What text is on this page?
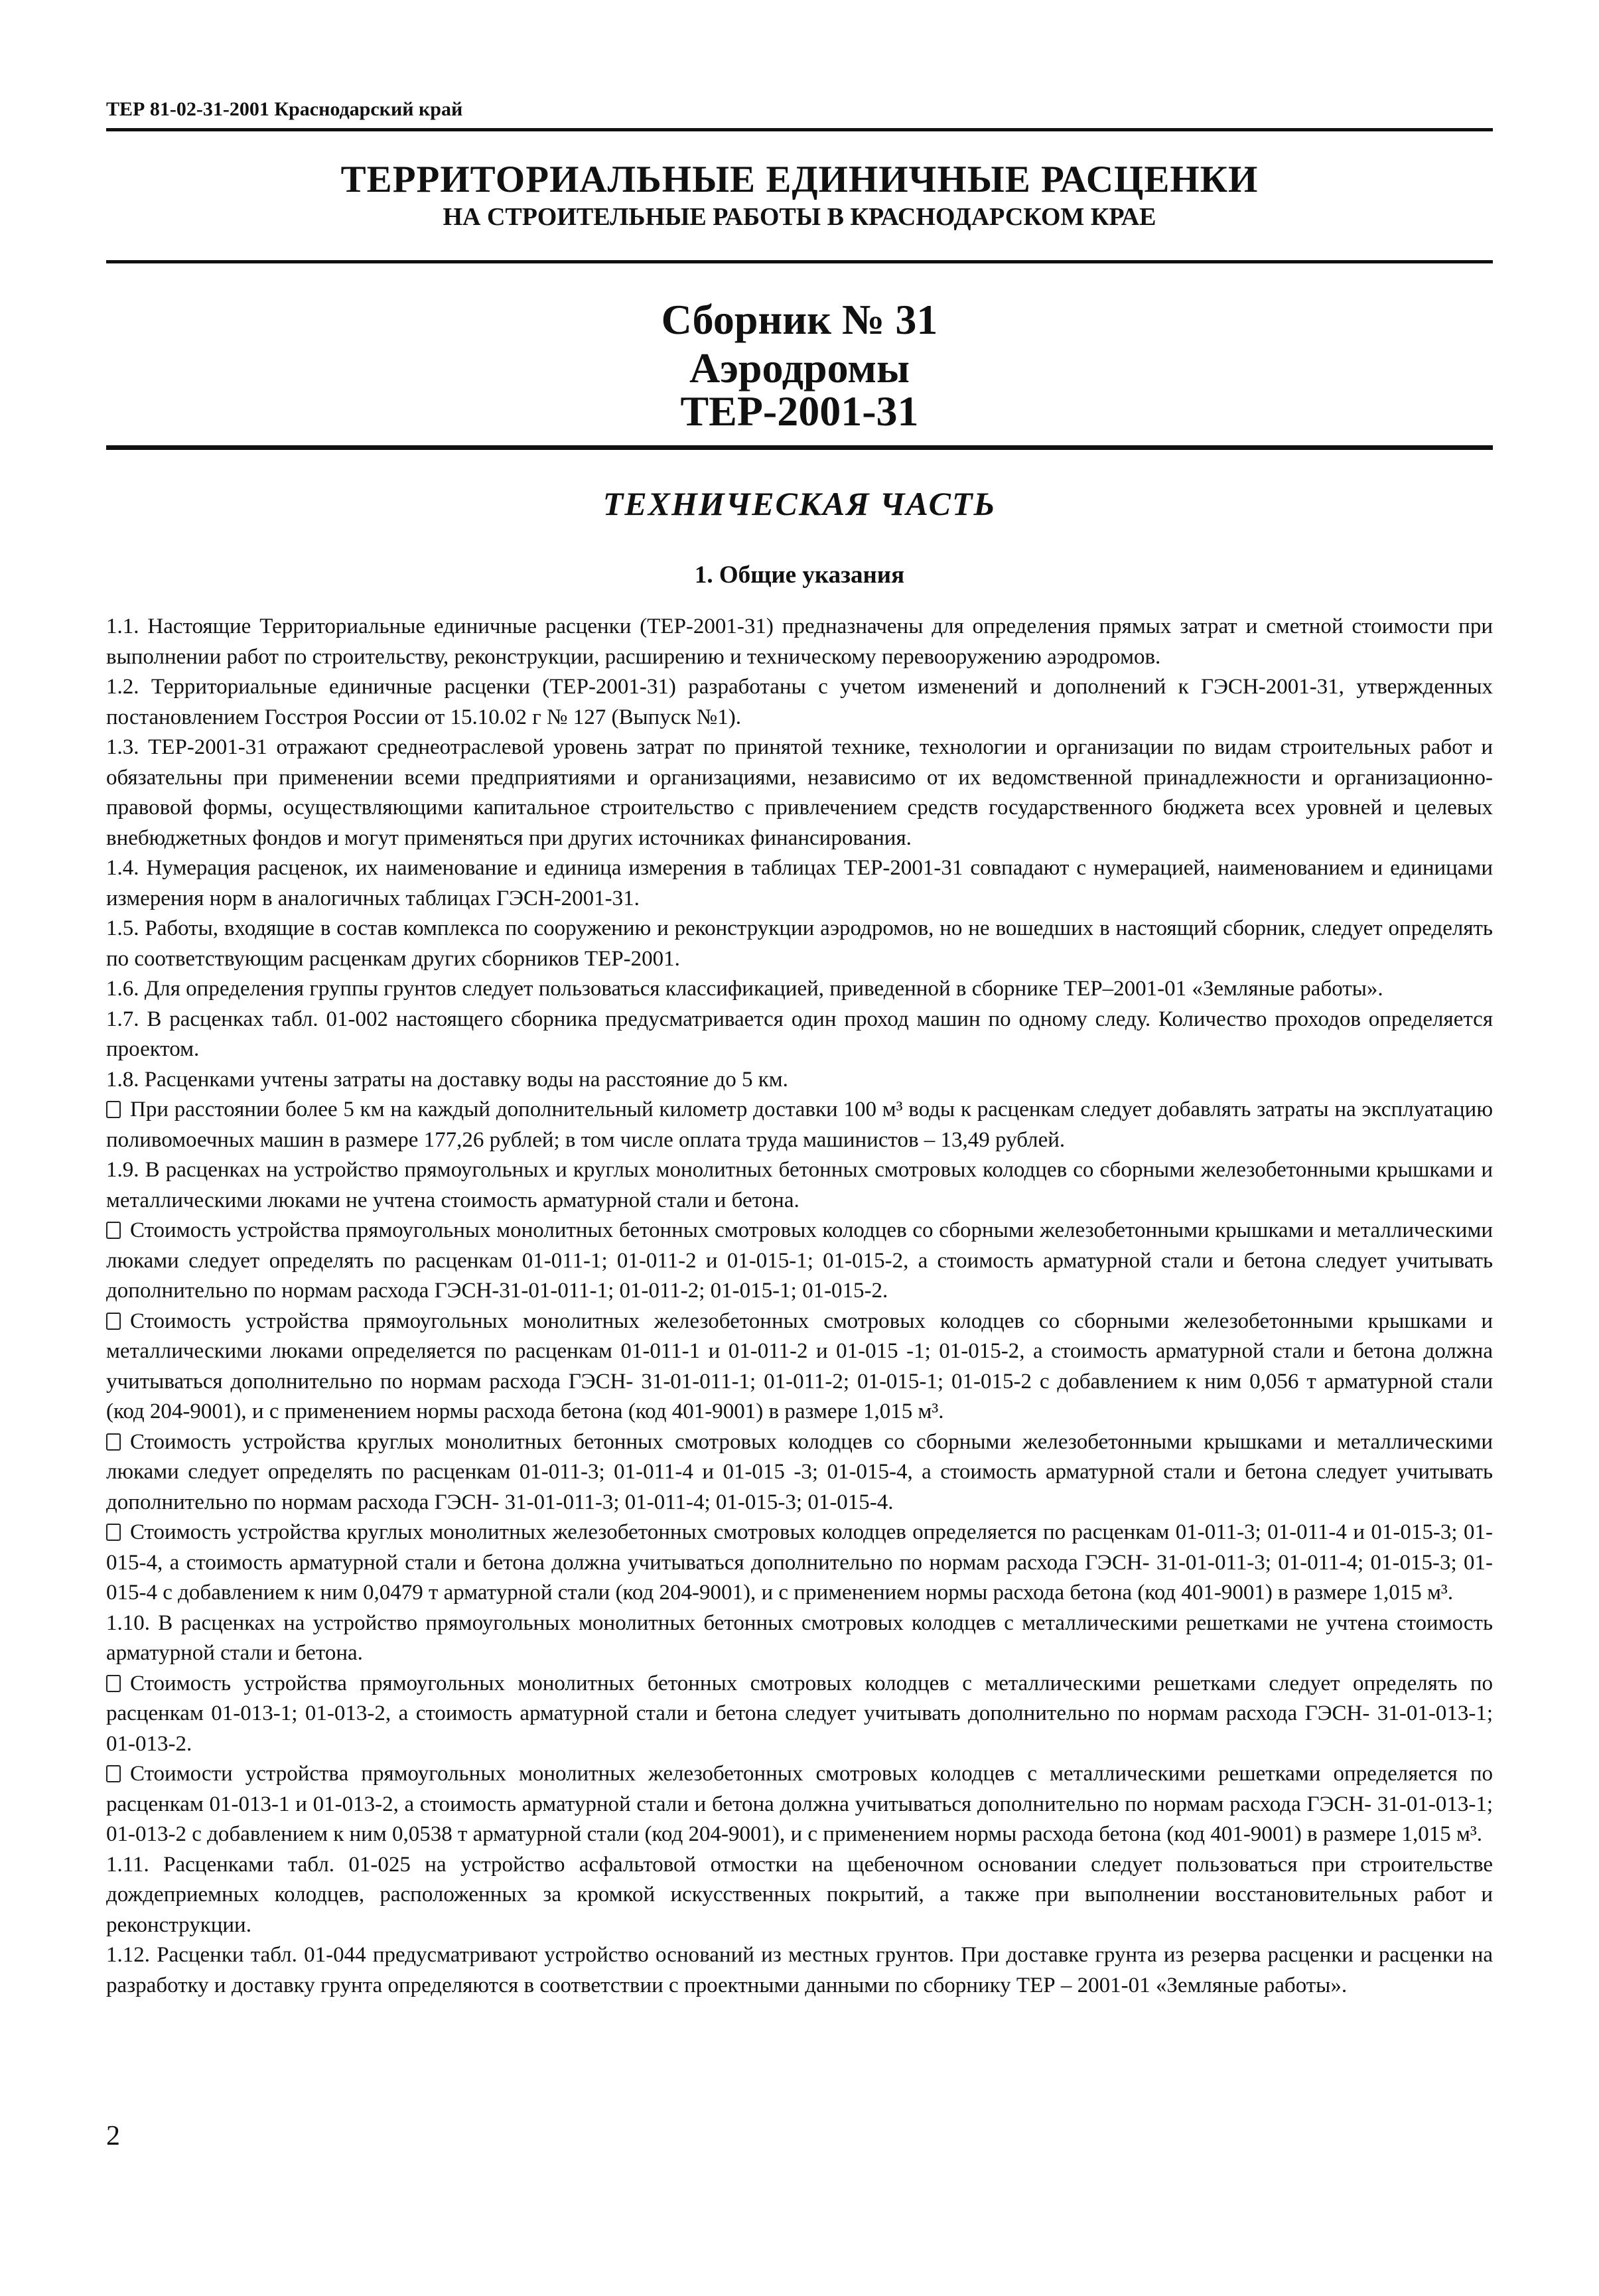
ТЕР 81-02-31-2001 Краснодарский край
ТЕРРИТОРИАЛЬНЫЕ ЕДИНИЧНЫЕ РАСЦЕНКИ
НА СТРОИТЕЛЬНЫЕ РАБОТЫ В КРАСНОДАРСКОМ КРАЕ
Сборник № 31
Аэродромы
ТЕР-2001-31
ТЕХНИЧЕСКАЯ ЧАСТЬ
1. Общие указания

1.1. Настоящие Территориальные единичные расценки (ТЕР-2001-31) предназначены для определения прямых затрат и сметной стоимости при выполнении работ по строительству, реконструкции, расширению и техническому перевооружению аэродромов.

1.2. Территориальные единичные расценки (ТЕР-2001-31) разработаны с учетом изменений и дополнений к ГЭСН-2001-31, утвержденных постановлением Госстроя России от 15.10.02 г № 127 (Выпуск №1).

1.3. ТЕР-2001-31 отражают среднеотраслевой уровень затрат по принятой технике, технологии и организации по видам строительных работ и обязательны при применении всеми предприятиями и организациями, независимо от их ведомственной принадлежности и организационно-правовой формы, осуществляющими капитальное строительство с привлечением средств государственного бюджета всех уровней и целевых внебюджетных фондов и могут применяться при других источниках финансирования.

1.4. Нумерация расценок, их наименование и единица измерения в таблицах ТЕР-2001-31 совпадают с нумерацией, наименованием и единицами измерения норм в аналогичных таблицах ГЭСН-2001-31.

1.5. Работы, входящие в состав комплекса по сооружению и реконструкции аэродромов, но не вошедших в настоящий сборник, следует определять по соответствующим расценкам других сборников ТЕР-2001.

1.6. Для определения группы грунтов следует пользоваться классификацией, приведенной в сборнике ТЕР–2001-01 «Земляные работы».

1.7. В расценках табл. 01-002 настоящего сборника предусматривается один проход машин по одному следу. Количество проходов определяется проектом.

1.8. Расценками учтены затраты на доставку воды на расстояние до 5 км.

При расстоянии более 5 км на каждый дополнительный километр доставки 100 м³ воды к расценкам следует добавлять затраты на эксплуатацию поливомоечных машин в размере 177,26 рублей; в том числе оплата труда машинистов – 13,49 рублей.

1.9. В расценках на устройство прямоугольных и круглых монолитных бетонных смотровых колодцев со сборными железобетонными крышками и металлическими люками не учтена стоимость арматурной стали и бетона.

Стоимость устройства прямоугольных монолитных бетонных смотровых колодцев со сборными железобетонными крышками и металлическими люками следует определять по расценкам 01-011-1; 01-011-2 и 01-015-1; 01-015-2, а стоимость арматурной стали и бетона следует учитывать дополнительно по нормам расхода ГЭСН-31-01-011-1; 01-011-2; 01-015-1; 01-015-2.

Стоимость устройства прямоугольных монолитных железобетонных смотровых колодцев со сборными железобетонными крышками и металлическими люками определяется по расценкам 01-011-1 и 01-011-2 и 01-015 -1; 01-015-2, а стоимость арматурной стали и бетона должна учитываться дополнительно по нормам расхода ГЭСН- 31-01-011-1; 01-011-2; 01-015-1; 01-015-2 с добавлением к ним 0,056 т арматурной стали (код 204-9001), и с применением нормы расхода бетона (код 401-9001) в размере 1,015 м³.

Стоимость устройства круглых монолитных бетонных смотровых колодцев со сборными железобетонными крышками и металлическими люками следует определять по расценкам 01-011-3; 01-011-4 и 01-015 -3; 01-015-4, а стоимость арматурной стали и бетона следует учитывать дополнительно по нормам расхода ГЭСН- 31-01-011-3; 01-011-4; 01-015-3; 01-015-4.

Стоимость устройства круглых монолитных железобетонных смотровых колодцев определяется по расценкам 01-011-3; 01-011-4 и 01-015-3; 01-015-4, а стоимость арматурной стали и бетона должна учитываться дополнительно по нормам расхода ГЭСН- 31-01-011-3; 01-011-4; 01-015-3; 01-015-4 с добавлением к ним 0,0479 т арматурной стали (код 204-9001), и с применением нормы расхода бетона (код 401-9001) в размере 1,015 м³.

1.10. В расценках на устройство прямоугольных монолитных бетонных смотровых колодцев с металлическими решетками не учтена стоимость арматурной стали и бетона.

Стоимость устройства прямоугольных монолитных бетонных смотровых колодцев с металлическими решетками следует определять по расценкам 01-013-1; 01-013-2, а стоимость арматурной стали и бетона следует учитывать дополнительно по нормам расхода ГЭСН- 31-01-013-1; 01-013-2.

Стоимости устройства прямоугольных монолитных железобетонных смотровых колодцев с металлическими решетками определяется по расценкам 01-013-1 и 01-013-2, а стоимость арматурной стали и бетона должна учитываться дополнительно по нормам расхода ГЭСН- 31-01-013-1; 01-013-2 с добавлением к ним 0,0538 т арматурной стали (код 204-9001), и с применением нормы расхода бетона (код 401-9001) в размере 1,015 м³.

1.11. Расценками табл. 01-025 на устройство асфальтовой отмостки на щебеночном основании следует пользоваться при строительстве дождеприемных колодцев, расположенных за кромкой искусственных покрытий, а также при выполнении восстановительных работ и реконструкции.

1.12. Расценки табл. 01-044 предусматривают устройство оснований из местных грунтов. При доставке грунта из резерва расценки и расценки на разработку и доставку грунта определяются в соответствии с проектными данными по сборнику ТЕР – 2001-01 «Земляные работы».

2
